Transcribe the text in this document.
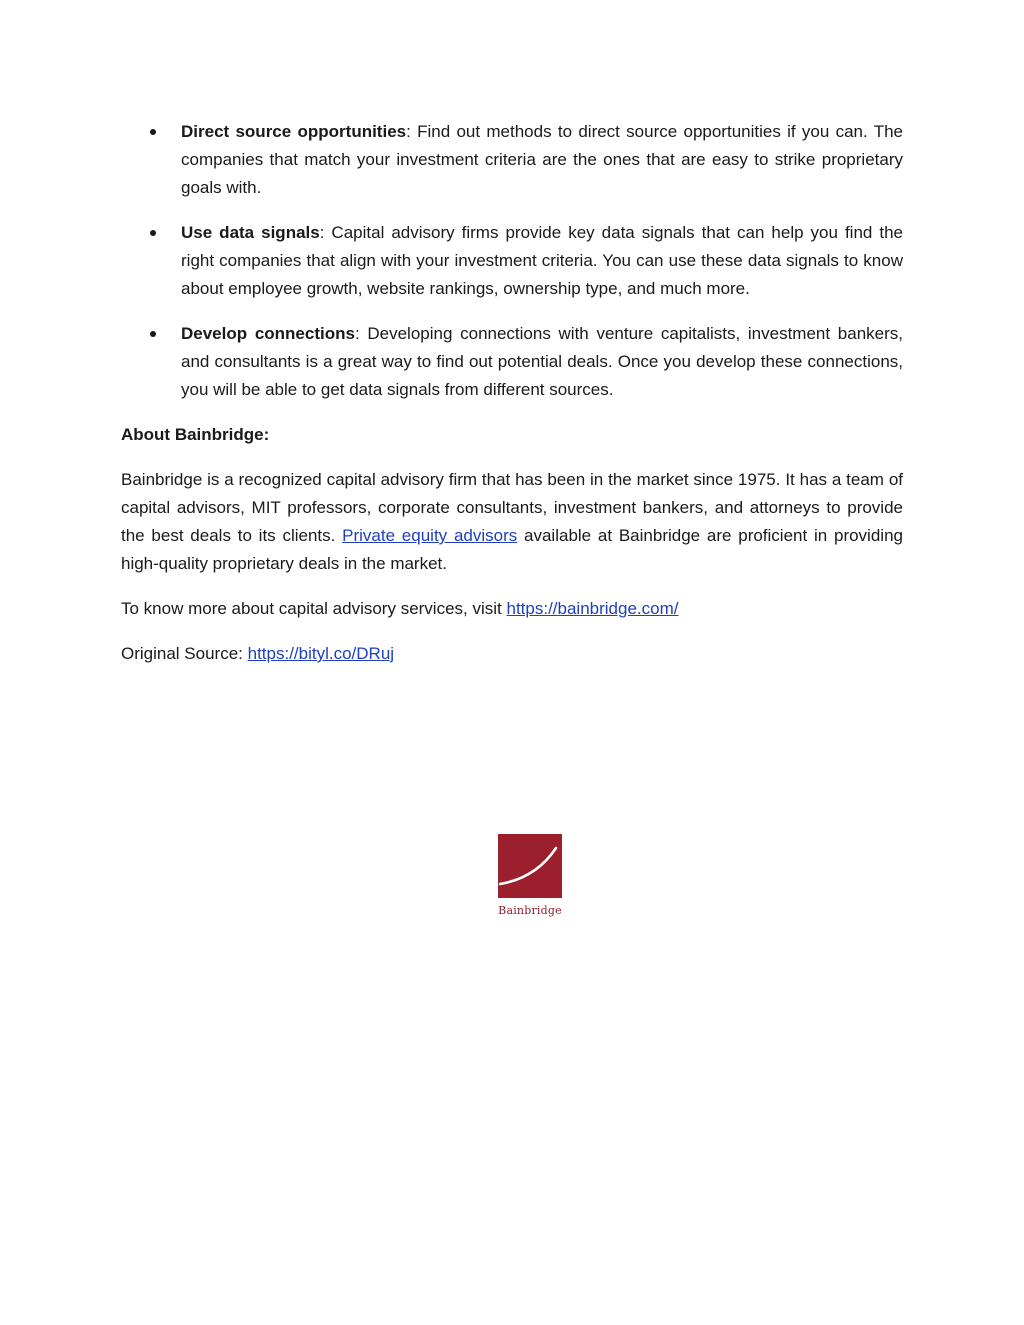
Direct source opportunities: Find out methods to direct source opportunities if you can. The companies that match your investment criteria are the ones that are easy to strike proprietary goals with.
Use data signals: Capital advisory firms provide key data signals that can help you find the right companies that align with your investment criteria. You can use these data signals to know about employee growth, website rankings, ownership type, and much more.
Develop connections: Developing connections with venture capitalists, investment bankers, and consultants is a great way to find out potential deals. Once you develop these connections, you will be able to get data signals from different sources.

About Bainbridge:

Bainbridge is a recognized capital advisory firm that has been in the market since 1975. It has a team of capital advisors, MIT professors, corporate consultants, investment bankers, and attorneys to provide the best deals to its clients. Private equity advisors available at Bainbridge are proficient in providing high-quality proprietary deals in the market.

To know more about capital advisory services, visit https://bainbridge.com/

Original Source: https://bityl.co/DRuj

Bainbridge
